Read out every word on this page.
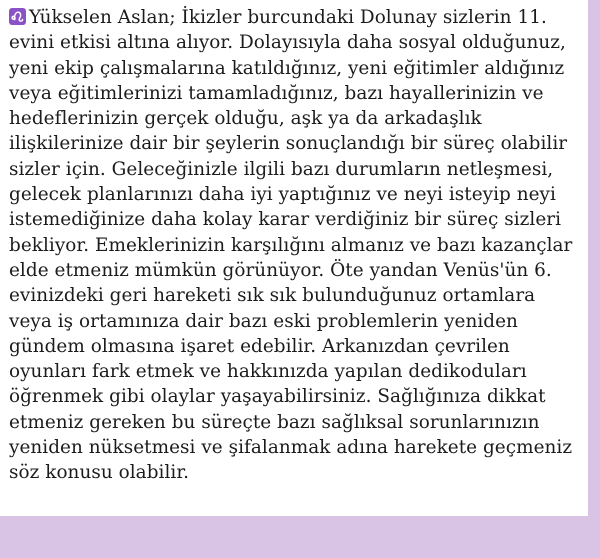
Yükselen Aslan; İkizler burcundaki Dolunay sizlerin 11.
evini etkisi altına alıyor. Dolayısıyla daha sosyal olduğunuz,
yeni ekip çalışmalarına katıldığınız, yeni eğitimler aldığınız
veya eğitimlerinizi tamamladığınız, bazı hayallerinizin ve
hedeflerinizin gerçek olduğu, aşk ya da arkadaşlık
ilişkilerinize dair bir şeylerin sonuçlandığı bir süreç olabilir
sizler için. Geleceğinizle ilgili bazı durumların netleşmesi,
gelecek planlarınızı daha iyi yaptığınız ve neyi isteyip neyi
istemediğinize daha kolay karar verdiğiniz bir süreç sizleri
bekliyor. Emeklerinizin karşılığını almanız ve bazı kazançlar
elde etmeniz mümkün görünüyor. Öte yandan Venüs'ün 6.
evinizdeki geri hareketi sık sık bulunduğunuz ortamlara
veya iş ortamınıza dair bazı eski problemlerin yeniden
gündem olmasına işaret edebilir. Arkanızdan çevrilen
oyunları fark etmek ve hakkınızda yapılan dedikoduları
öğrenmek gibi olaylar yaşayabilirsiniz. Sağlığınıza dikkat
etmeniz gereken bu süreçte bazı sağlıksal sorunlarınızın
yeniden nüksetmesi ve şifalanmak adına harekete geçmeniz
söz konusu olabilir.
